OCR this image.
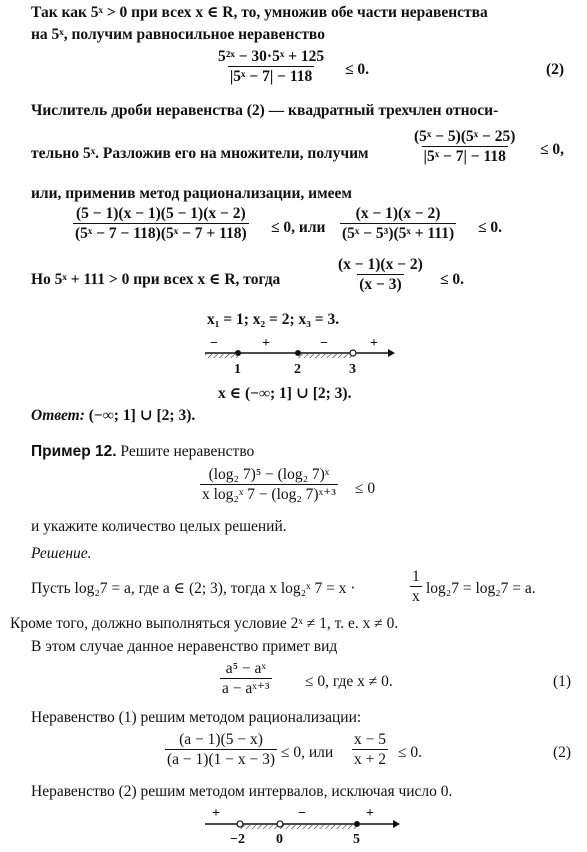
Так как 5ˣ > 0 при всех x ∈ R, то, умножив обе части неравенства
на 5ˣ, получим равносильное неравенство
$\frac{\text{5²ˣ − 30·5ˣ + 125}}{\text{|5ˣ − 7| − 118}} \le 0$.	(2)
Числитель дроби неравенства (2) — квадратный трехчлен относи-
тельно 5ˣ. Разложив его на множители, получим	$\frac{\text{(5ˣ − 5)(5ˣ − 25)}}{\text{|5ˣ − 7| − 118}} \le 0$,
или, применив метод рационализации, имеем
$\frac{(5 - 1)(x - 1)(5 - 1)(x - 2)}{\text{(5ˣ − 7 − 118)(5ˣ − 7 + 118)}} \le 0$, или $\frac{(x - 1)(x - 2)}{\text{(5ˣ − 5³)(5ˣ + 111)}} \le 0$.
Но 5ˣ + 111 > 0 при всех x ∈ R, тогда	$\frac{(x - 1)(x - 2)}{(x - 3)} \le 0$.
x₁ = 1; x₂ = 2; x₃ = 3.
−	+	−	+
1	2	3
x ∈ (−∞; 1] ∪ [2; 3).
Ответ: (−∞; 1] ∪ [2; 3).
Пример 12. Решите неравенство
$\frac{\text{(log₂ 7)⁵ − (log₂ 7)ˣ}}{\text{x log₂ˣ 7 − (log₂ 7)ˣ⁺³}} \le 0$
и укажите количество целых решений.
Решение.
Пусть log₂7 = a, где a ∈ (2; 3), тогда x log₂ˣ 7 = x ·	$\frac{1}{x} \log_27 = \log_27 = a$.
Кроме того, должно выполняться условие 2ˣ ≠ 1, т. е. x ≠ 0.
В этом случае данное неравенство примет вид
$\frac{\text{a⁵ − aˣ}}{\text{a − aˣ⁺³}} \le 0$, где x ≠ 0.	(1)
Неравенство (1) решим методом рационализации:
$\frac{(a - 1)(5 - x)}{(a - 1)(1 - x - 3)} \le 0$, или $\frac{x - 5}{x + 2} \le 0$.	(2)
Неравенство (2) решим методом интервалов, исключая число 0.
+	−	+
−2 0	5
